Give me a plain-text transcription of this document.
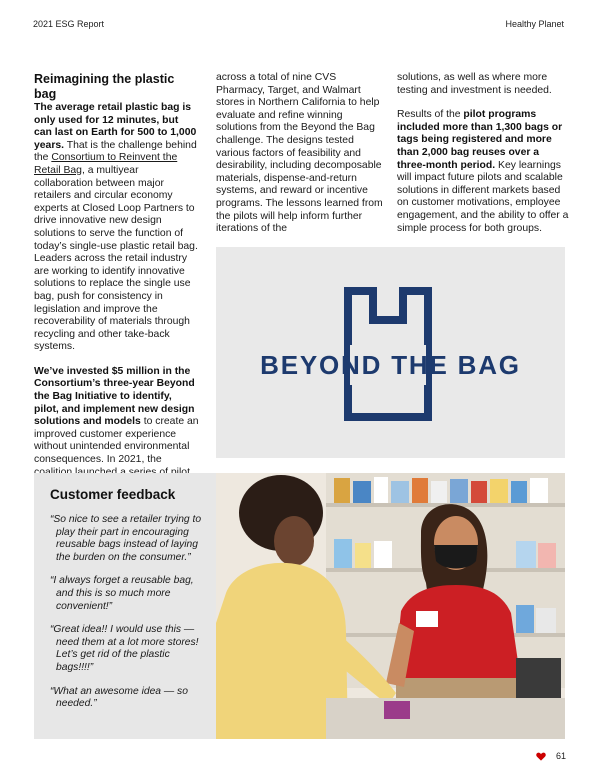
2021 ESG Report	Healthy Planet
Reimagining the plastic bag

The average retail plastic bag is only used for 12 minutes, but can last on Earth for 500 to 1,000 years. That is the challenge behind the Consortium to Reinvent the Retail Bag, a multiyear collaboration between major retailers and circular economy experts at Closed Loop Partners to drive innovative new design solutions to serve the function of today’s single-use plastic retail bag. Leaders across the retail industry are working to identify innovative solutions to replace the single use bag, push for consistency in legislation and improve the recoverability of materials through recycling and other take-back systems.

We’ve invested $5 million in the Consortium’s three-year Beyond the Bag Initiative to identify, pilot, and implement new design solutions and models to create an improved customer experience without unintended environmental consequences. In 2021, the

across a total of nine CVS Pharmacy, Target, and Walmart stores in Northern California to help evaluate and refine winning solutions from the Beyond the Bag challenge. The designs tested various factors of feasibility and desirability, including decomposable materials, dispense-and-return systems, and reward or incentive programs. The lessons learned from the pilots will help inform further iterations of the

solutions, as well as where more testing and investment is needed.

Results of the pilot programs included more than 1,300 bags or tags being registered and more than 2,000 bag reuses over a three-month period. Key learnings will impact future pilots and scalable solutions in different markets based on customer motivations, employee engagement, and the ability to offer a simple process for both groups.

BEYOND THE BAG
Customer feedback
“So nice to see a retailer trying to play their part in encouraging reusable bags instead of laying the burden on the consumer.”
“I always forget a reusable bag, and this is so much more convenient!”
“Great idea!! I would use this — need them at a lot more stores! Let’s get rid of the plastic bags!!!!”
“What an awesome idea — so needed.”
61
